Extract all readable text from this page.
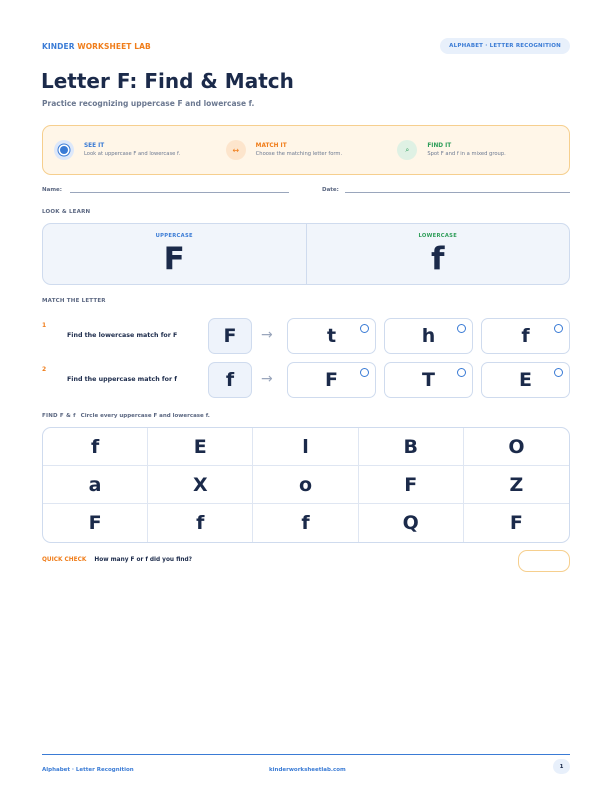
KINDER WORKSHEET LAB	ALPHABET · LETTER RECOGNITION
Letter F: Find & Match
Practice recognizing uppercase F and lowercase f.
SEE IT
Look at uppercase F and lowercase f.	↔	MATCH IT
Choose the matching letter form.
⌕	FIND IT
Spot F and f in a mixed group.
Name:	Date:
LOOK & LEARN
UPPERCASE
F
LOWERCASE
f
MATCH THE LETTER
1
Find the lowercase match for F	F	→	t	h	f
2
Find the uppercase match for f	f	→	F	T	E
FIND F & f Circle every uppercase F and lowercase f.
f	E	l	B	O
a	X	o	F	Z
F	f	f	Q	F
QUICK CHECK How many F or f did you find?
Alphabet · Letter Recognition	kinderworksheetlab.com
1
